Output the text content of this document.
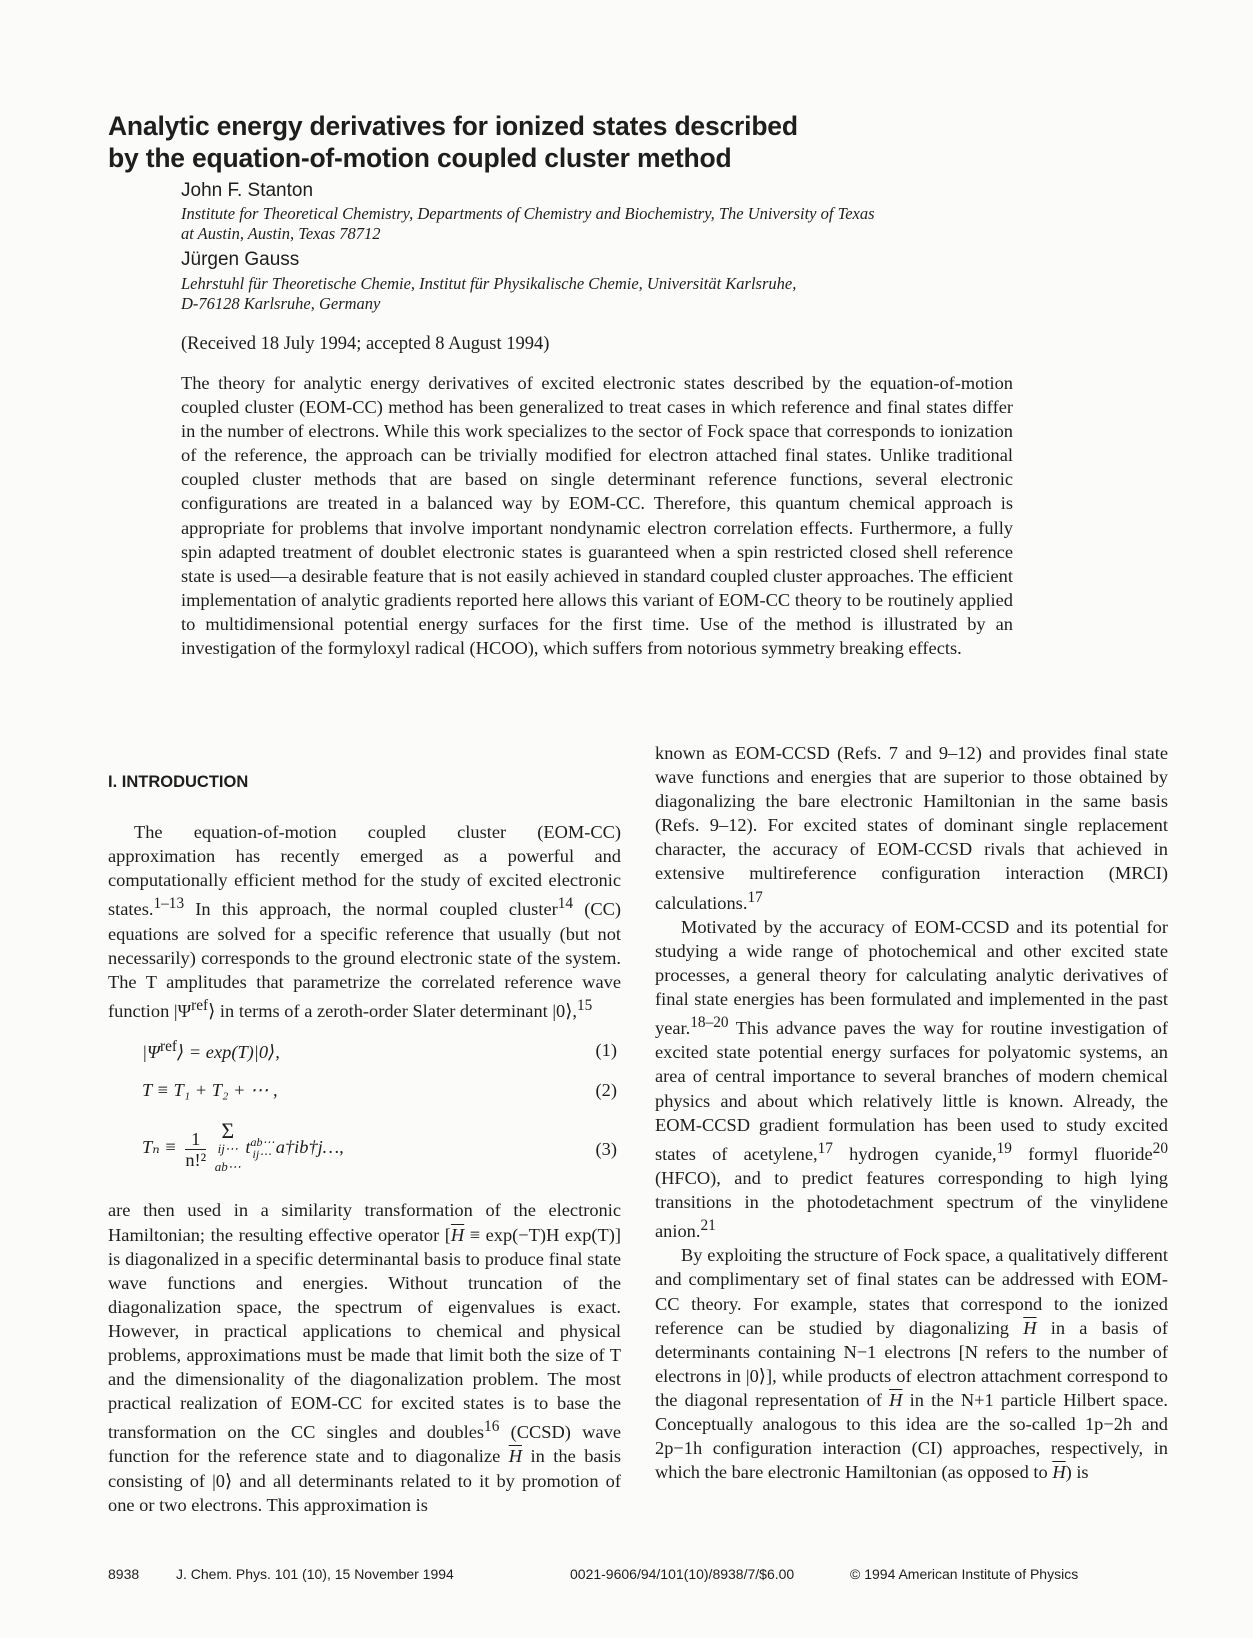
Analytic energy derivatives for ionized states described
by the equation-of-motion coupled cluster method
John F. Stanton
Institute for Theoretical Chemistry, Departments of Chemistry and Biochemistry, The University of Texas
at Austin, Austin, Texas 78712
Jürgen Gauss
Lehrstuhl für Theoretische Chemie, Institut für Physikalische Chemie, Universität Karlsruhe,
D-76128 Karlsruhe, Germany
(Received 18 July 1994; accepted 8 August 1994)

The theory for analytic energy derivatives of excited electronic states described by the equation-of-motion coupled cluster (EOM-CC) method has been generalized to treat cases in which reference and final states differ in the number of electrons. While this work specializes to the sector of Fock space that corresponds to ionization of the reference, the approach can be trivially modified for electron attached final states. Unlike traditional coupled cluster methods that are based on single determinant reference functions, several electronic configurations are treated in a balanced way by EOM-CC. Therefore, this quantum chemical approach is appropriate for problems that involve important nondynamic electron correlation effects. Furthermore, a fully spin adapted treatment of doublet electronic states is guaranteed when a spin restricted closed shell reference state is used—a desirable feature that is not easily achieved in standard coupled cluster approaches. The efficient implementation of analytic gradients reported here allows this variant of EOM-CC theory to be routinely applied to multidimensional potential energy surfaces for the first time. Use of the method is illustrated by an investigation of the formyloxyl radical (HCOO), which suffers from notorious symmetry breaking effects.

I. INTRODUCTION

The equation-of-motion coupled cluster (EOM-CC) approximation has recently emerged as a powerful and computationally efficient method for the study of excited electronic states.$^{1-13}$ In this approach, the normal coupled cluster$^{14}$ (CC) equations are solved for a specific reference that usually (but not necessarily) corresponds to the ground electronic state of the system. The T amplitudes that parametrize the correlated reference wave function $|\Psi^{ref}⟩$ in terms of a zeroth-order Slater determinant |0⟩,$^{15}$

$|\Psi^{ref}⟩$ = exp(T)|0⟩,	(1)
T ≡ T₁ + T₂ + ⋯ ,	(2)
$T_n \equiv \frac{1}{\text{n!²}}$
Σ
ij⋯
ab⋯
$t^{ab\cdots}_{ij\cdots}$ a†ib†j…,	(3)

are then used in a similarity transformation of the electronic Hamiltonian; the resulting effective operator [$\overline{H} \equiv \exp(-T)H$ exp(T)] is diagonalized in a specific determinantal basis to produce final state wave functions and energies. Without truncation of the diagonalization space, the spectrum of eigenvalues is exact. However, in practical applications to chemical and physical problems, approximations must be made that limit both the size of T and the dimensionality of the diagonalization problem. The most practical realization of EOM-CC for excited states is to base the transformation on the CC singles and doubles$^{16}$ (CCSD) wave function for the reference state and to diagonalize $\overline{H}$ in the basis consisting of |0⟩ and all determinants related to it by promotion of one or two electrons. This approximation is

known as EOM-CCSD (Refs. 7 and 9–12) and provides final state wave functions and energies that are superior to those obtained by diagonalizing the bare electronic Hamiltonian in the same basis (Refs. 9–12). For excited states of dominant single replacement character, the accuracy of EOM-CCSD rivals that achieved in extensive multireference configuration interaction (MRCI) calculations.$^{17}$

Motivated by the accuracy of EOM-CCSD and its potential for studying a wide range of photochemical and other excited state processes, a general theory for calculating analytic derivatives of final state energies has been formulated and implemented in the past year.$^{18-20}$ This advance paves the way for routine investigation of excited state potential energy surfaces for polyatomic systems, an area of central importance to several branches of modern chemical physics and about which relatively little is known. Already, the EOM-CCSD gradient formulation has been used to study excited states of acetylene,$^{17}$ hydrogen cyanide,$^{19}$ formyl fluoride$^{20}$ (HFCO), and to predict features corresponding to high lying transitions in the photodetachment spectrum of the vinylidene anion.$^{21}$

By exploiting the structure of Fock space, a qualitatively different and complimentary set of final states can be addressed with EOM-CC theory. For example, states that correspond to the ionized reference can be studied by diagonalizing $\overline{H}$ in a basis of determinants containing N−1 electrons [N refers to the number of electrons in |0⟩], while products of electron attachment correspond to the diagonal representation of $\overline{H}$ in the N+1 particle Hilbert space. Conceptually analogous to this idea are the so-called 1p−2h and 2p−1h configuration interaction (CI) approaches, respectively, in which the bare electronic Hamiltonian (as opposed to $\overline{H}$) is

8938	J. Chem. Phys. 101 (10), 15 November 1994	0021-9606/94/101(10)/8938/7/$6.00	© 1994 American Institute of Physics
